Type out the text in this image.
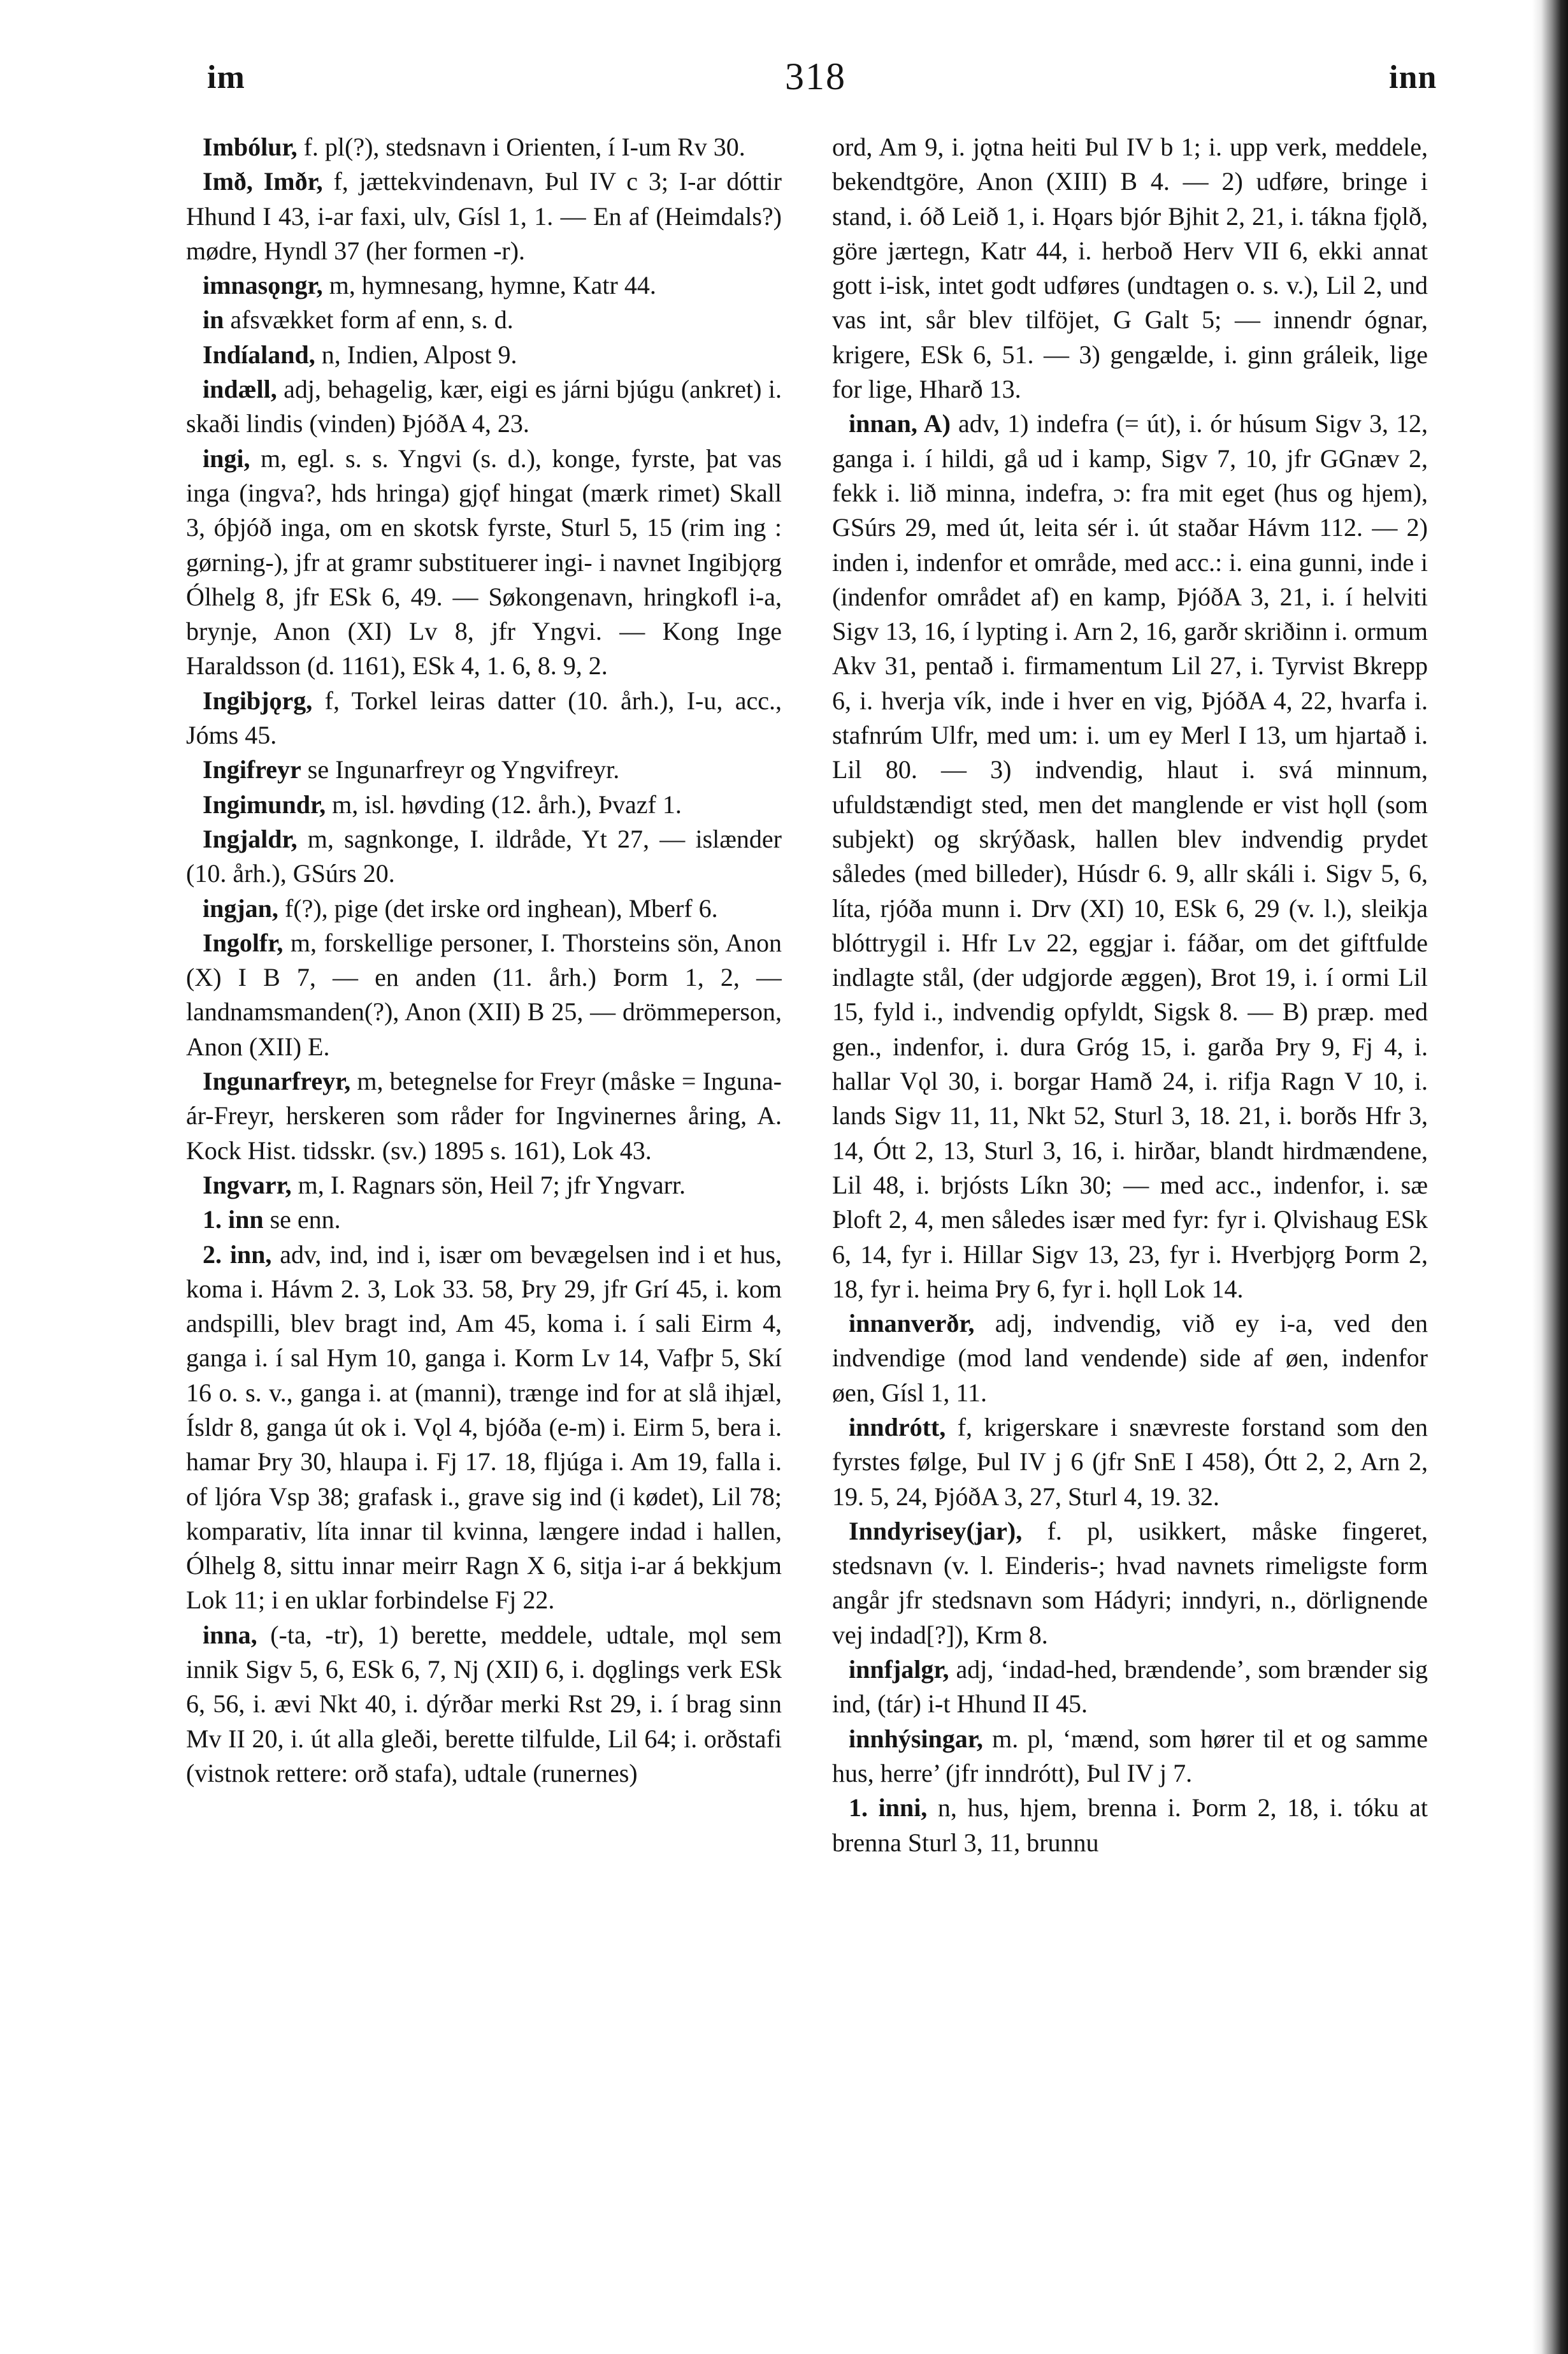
im	318	inn

Imbólur, f. pl(?), stedsnavn i Orienten, í I-um Rv 30.

Imð, Imðr, f, jættekvindenavn, Þul IV c 3; I-ar dóttir Hhund I 43, i-ar faxi, ulv, Gísl 1, 1. — En af (Heimdals?) mødre, Hyndl 37 (her formen -r).

imnasǫngr, m, hymnesang, hymne, Katr 44.

in afsvækket form af enn, s. d.

Indíaland, n, Indien, Alpost 9.

indæll, adj, behagelig, kær, eigi es járni bjúgu (ankret) i. skaði lindis (vinden) ÞjóðA 4, 23.

ingi, m, egl. s. s. Yngvi (s. d.), konge, fyrste, þat vas inga (ingva?, hds hringa) gjǫf hingat (mærk rimet) Skall 3, óþjóð inga, om en skotsk fyrste, Sturl 5, 15 (rim ing : gørning-), jfr at gramr substituerer ingi- i navnet Ingibjǫrg Ólhelg 8, jfr ESk 6, 49. — Søkongenavn, hringkofl i-a, brynje, Anon (XI) Lv 8, jfr Yngvi. — Kong Inge Haraldsson (d. 1161), ESk 4, 1. 6, 8. 9, 2.

Ingibjǫrg, f, Torkel leiras datter (10. årh.), I-u, acc., Jóms 45.

Ingifreyr se Ingunarfreyr og Yngvifreyr.

Ingimundr, m, isl. høvding (12. årh.), Þvazf 1.

Ingjaldr, m, sagnkonge, I. ildråde, Yt 27, — islænder (10. årh.), GSúrs 20.

ingjan, f(?), pige (det irske ord inghean), Mberf 6.

Ingolfr, m, forskellige personer, I. Thorsteins sön, Anon (X) I B 7, — en anden (11. årh.) Þorm 1, 2, — landnamsmanden(?), Anon (XII) B 25, — drömmeperson, Anon (XII) E.

Ingunarfreyr, m, betegnelse for Freyr (måske = Inguna-ár-Freyr, herskeren som råder for Ingvinernes åring, A. Kock Hist. tidsskr. (sv.) 1895 s. 161), Lok 43.

Ingvarr, m, I. Ragnars sön, Heil 7; jfr Yngvarr.

1. inn se enn.

2. inn, adv, ind, ind i, især om bevægelsen ind i et hus, koma i. Hávm 2. 3, Lok 33. 58, Þry 29, jfr Grí 45, i. kom andspilli, blev bragt ind, Am 45, koma i. í sali Eirm 4, ganga i. í sal Hym 10, ganga i. Korm Lv 14, Vafþr 5, Skí 16 o. s. v., ganga i. at (manni), trænge ind for at slå ihjæl, Ísldr 8, ganga út ok i. Vǫl 4, bjóða (e-m) i. Eirm 5, bera i. hamar Þry 30, hlaupa i. Fj 17. 18, fljúga i. Am 19, falla i. of ljóra Vsp 38; grafask i., grave sig ind (i kødet), Lil 78; komparativ, líta innar til kvinna, længere indad i hallen, Ólhelg 8, sittu innar meirr Ragn X 6, sitja i-ar á bekkjum Lok 11; i en uklar forbindelse Fj 22.

inna, (-ta, -tr), 1) berette, meddele, udtale, mǫl sem innik Sigv 5, 6, ESk 6, 7, Nj (XII) 6, i. dǫglings verk ESk 6, 56, i. ævi Nkt 40, i. dýrðar merki Rst 29, i. í brag sinn Mv II 20, i. út alla gleði, berette tilfulde, Lil 64; i. orðstafi (vistnok rettere: orð stafa), udtale (runernes)

ord, Am 9, i. jǫtna heiti Þul IV b 1; i. upp verk, meddele, bekendtgöre, Anon (XIII) B 4. — 2) udføre, bringe i stand, i. óð Leið 1, i. Hǫars bjór Bjhit 2, 21, i. tákna fjǫlð, göre jærtegn, Katr 44, i. herboð Herv VII 6, ekki annat gott i-isk, intet godt udføres (undtagen o. s. v.), Lil 2, und vas int, sår blev tilföjet, G Galt 5; — innendr ógnar, krigere, ESk 6, 51. — 3) gengælde, i. ginn gráleik, lige for lige, Hharð 13.

innan, A) adv, 1) indefra (= út), i. ór húsum Sigv 3, 12, ganga i. í hildi, gå ud i kamp, Sigv 7, 10, jfr GGnæv 2, fekk i. lið minna, indefra, ɔ: fra mit eget (hus og hjem), GSúrs 29, med út, leita sér i. út staðar Hávm 112. — 2) inden i, indenfor et område, med acc.: i. eina gunni, inde i (indenfor området af) en kamp, ÞjóðA 3, 21, i. í helviti Sigv 13, 16, í lypting i. Arn 2, 16, garðr skriðinn i. ormum Akv 31, pentað i. firmamentum Lil 27, i. Tyrvist Bkrepp 6, i. hverja vík, inde i hver en vig, ÞjóðA 4, 22, hvarfa i. stafnrúm Ulfr, med um: i. um ey Merl I 13, um hjartað i. Lil 80. — 3) indvendig, hlaut i. svá minnum, ufuldstændigt sted, men det manglende er vist hǫll (som subjekt) og skrýðask, hallen blev indvendig prydet således (med billeder), Húsdr 6. 9, allr skáli i. Sigv 5, 6, líta, rjóða munn i. Drv (XI) 10, ESk 6, 29 (v. l.), sleikja blóttrygil i. Hfr Lv 22, eggjar i. fáðar, om det giftfulde indlagte stål, (der udgjorde æggen), Brot 19, i. í ormi Lil 15, fyld i., indvendig opfyldt, Sigsk 8. — B) præp. med gen., indenfor, i. dura Gróg 15, i. garða Þry 9, Fj 4, i. hallar Vǫl 30, i. borgar Hamð 24, i. rifja Ragn V 10, i. lands Sigv 11, 11, Nkt 52, Sturl 3, 18. 21, i. borðs Hfr 3, 14, Ótt 2, 13, Sturl 3, 16, i. hirðar, blandt hirdmændene, Lil 48, i. brjósts Líkn 30; — med acc., indenfor, i. sæ Þloft 2, 4, men således især med fyr: fyr i. Ǫlvishaug ESk 6, 14, fyr i. Hillar Sigv 13, 23, fyr i. Hverbjǫrg Þorm 2, 18, fyr i. heima Þry 6, fyr i. hǫll Lok 14.

innanverðr, adj, indvendig, við ey i-a, ved den indvendige (mod land vendende) side af øen, indenfor øen, Gísl 1, 11.

inndrótt, f, krigerskare i snævreste forstand som den fyrstes følge, Þul IV j 6 (jfr SnE I 458), Ótt 2, 2, Arn 2, 19. 5, 24, ÞjóðA 3, 27, Sturl 4, 19. 32.

Inndyrisey(jar), f. pl, usikkert, måske fingeret, stedsnavn (v. l. Einderis-; hvad navnets rimeligste form angår jfr stedsnavn som Hádyri; inndyri, n., dörlignende vej indad[?]), Krm 8.

innfjalgr, adj, ‘indad-hed, brændende’, som brænder sig ind, (tár) i-t Hhund II 45.

innhýsingar, m. pl, ‘mænd, som hører til et og samme hus, herre’ (jfr inndrótt), Þul IV j 7.

1. inni, n, hus, hjem, brenna i. Þorm 2, 18, i. tóku at brenna Sturl 3, 11, brunnu
